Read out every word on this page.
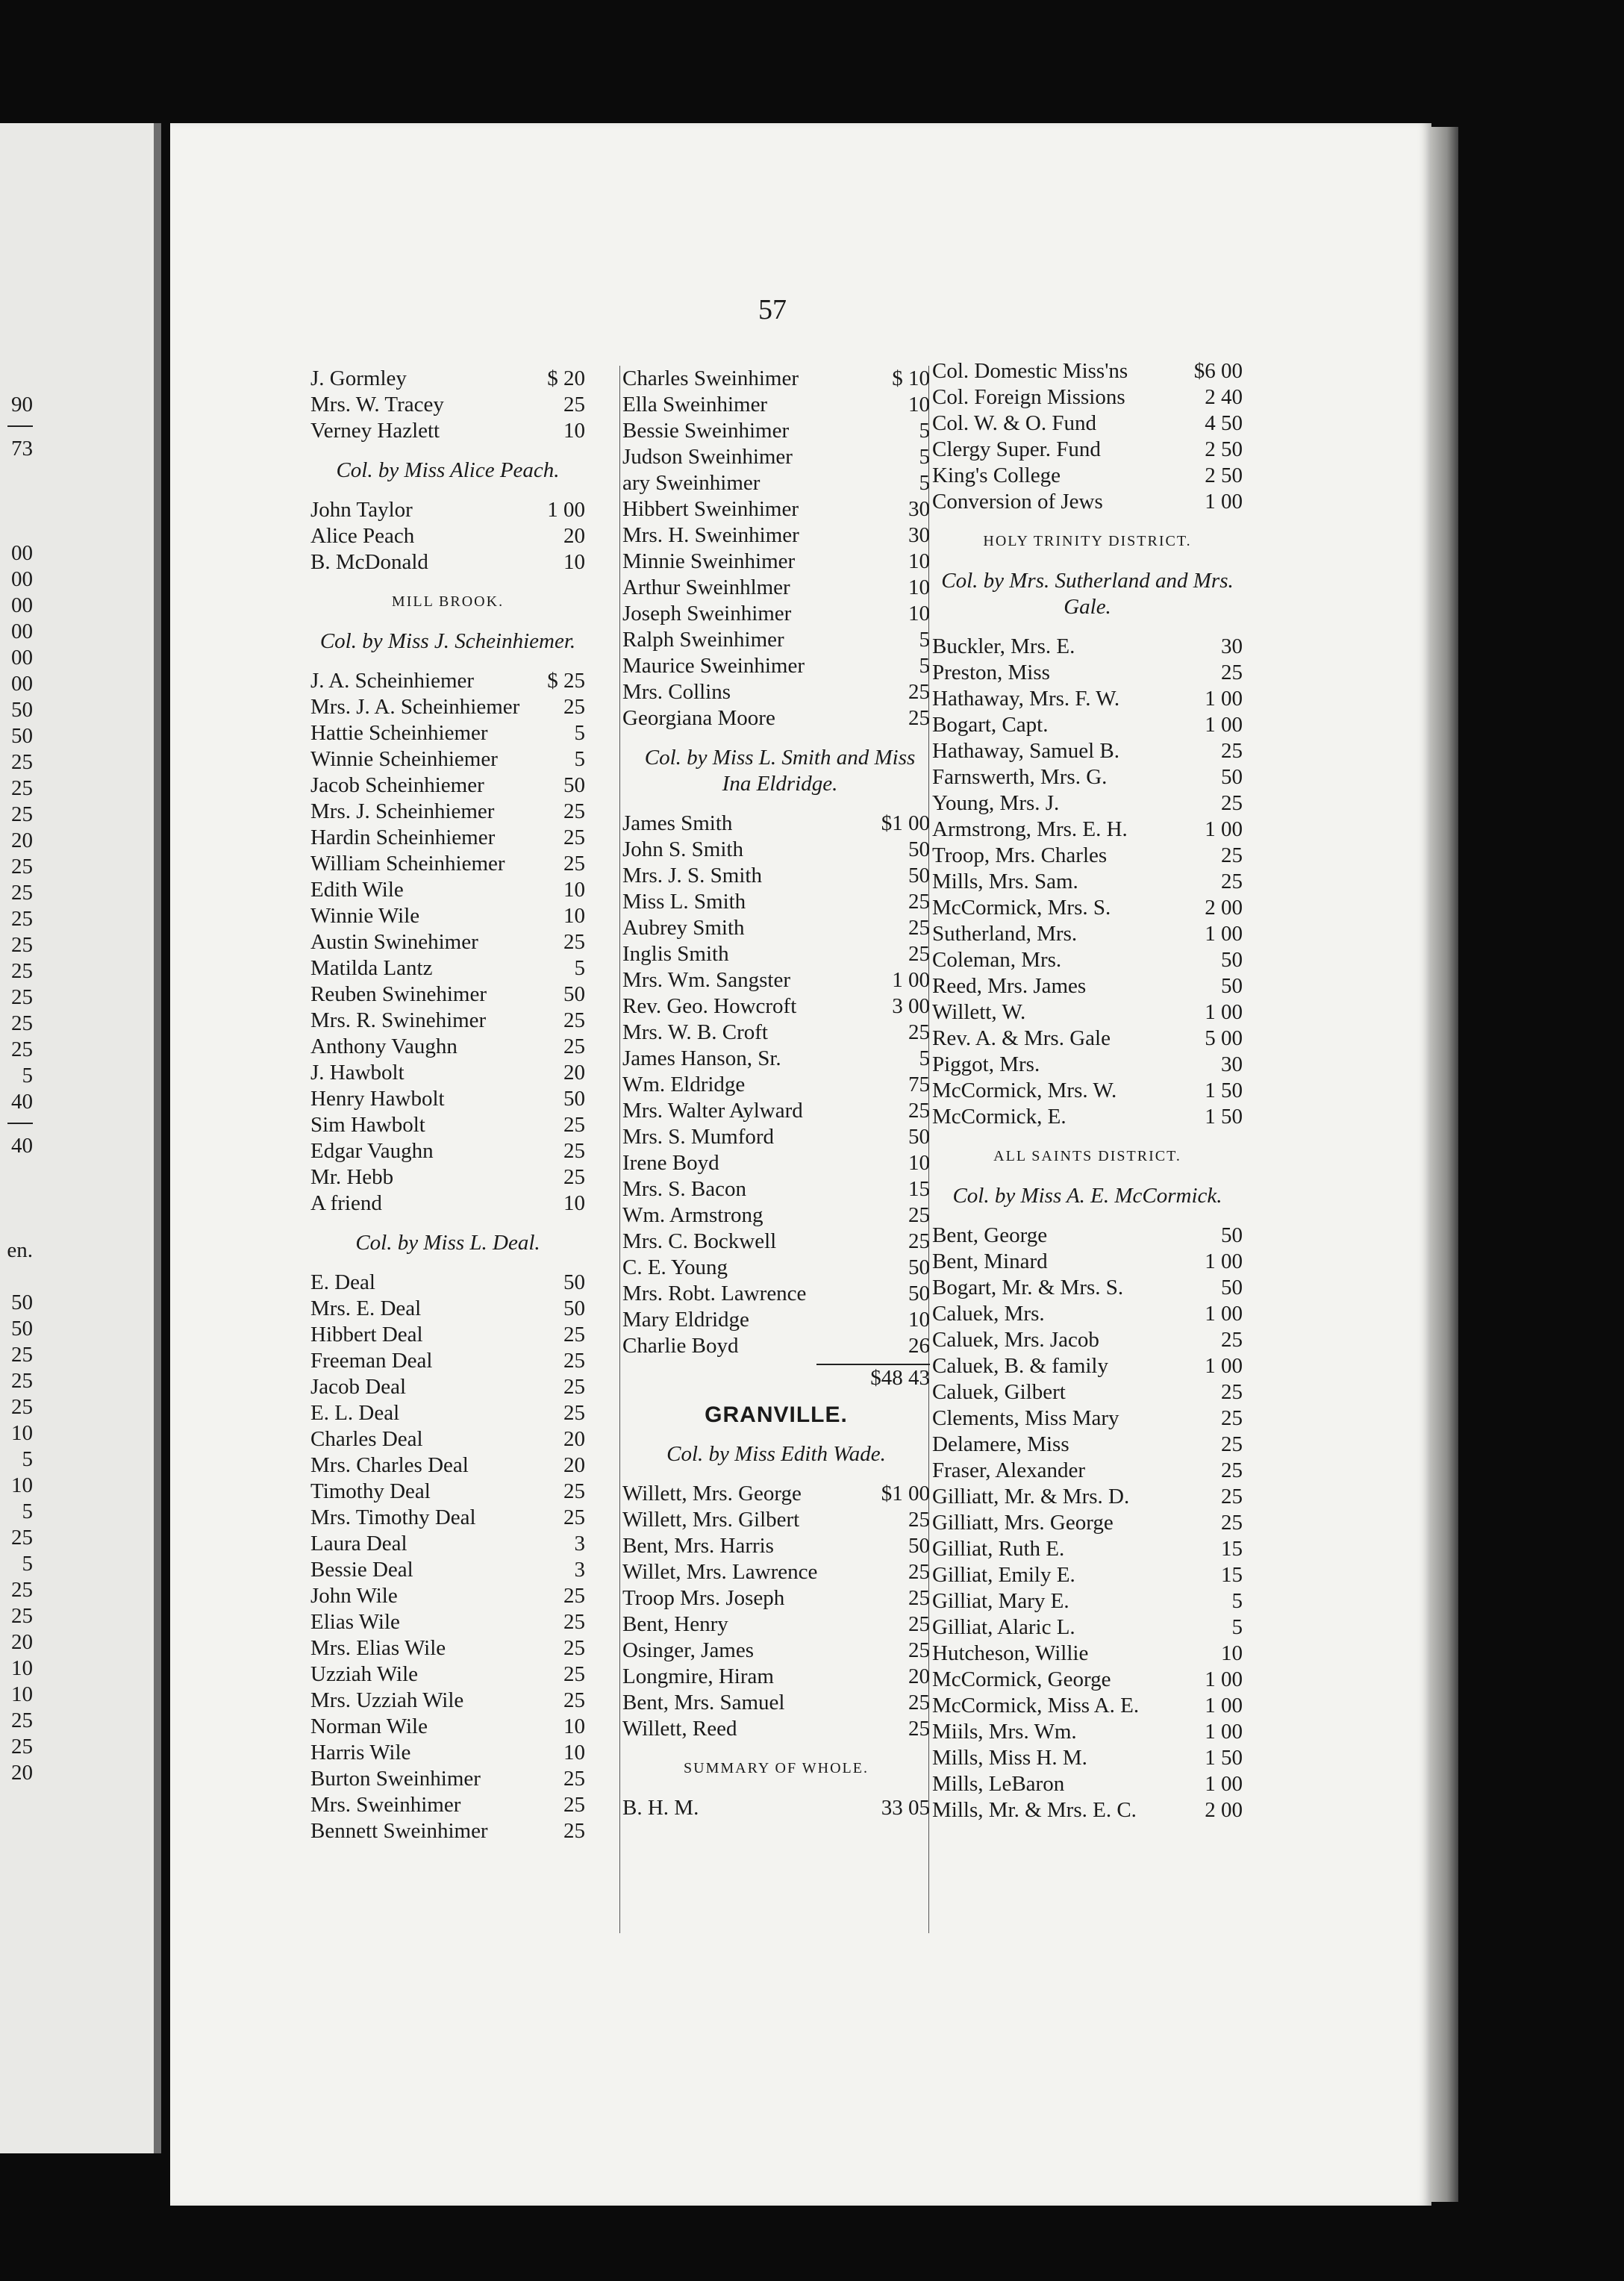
90
73
00
00
00
00
00
00
50
50
25
25
25
20
25
25
25
25
25
25
25
25
5
40
40
en.
50
50
25
25
25
10
5
10
5
25
5
25
25
20
10
10
25
25
20
57
J. Gormley	$ 20
Mrs. W. Tracey	25
Verney Hazlett	10
Col. by Miss Alice Peach.
John Taylor	1 00
Alice Peach	20
B. McDonald	10
MILL BROOK.
Col. by Miss J. Scheinhiemer.
J. A. Scheinhiemer	$ 25
Mrs. J. A. Scheinhiemer	25
Hattie Scheinhiemer	5
Winnie Scheinhiemer	5
Jacob Scheinhiemer	50
Mrs. J. Scheinhiemer	25
Hardin Scheinhiemer	25
William Scheinhiemer	25
Edith Wile	10
Winnie Wile	10
Austin Swinehimer	25
Matilda Lantz	5
Reuben Swinehimer	50
Mrs. R. Swinehimer	25
Anthony Vaughn	25
J. Hawbolt	20
Henry Hawbolt	50
Sim Hawbolt	25
Edgar Vaughn	25
Mr. Hebb	25
A friend	10
Col. by Miss L. Deal.
E. Deal	50
Mrs. E. Deal	50
Hibbert Deal	25
Freeman Deal	25
Jacob Deal	25
E. L. Deal	25
Charles Deal	20
Mrs. Charles Deal	20
Timothy Deal	25
Mrs. Timothy Deal	25
Laura Deal	3
Bessie Deal	3
John Wile	25
Elias Wile	25
Mrs. Elias Wile	25
Uzziah Wile	25
Mrs. Uzziah Wile	25
Norman Wile	10
Harris Wile	10
Burton Sweinhimer	25
Mrs. Sweinhimer	25
Bennett Sweinhimer	25
Charles Sweinhimer	$ 10
Ella Sweinhimer	10
Bessie Sweinhimer	5
Judson Sweinhimer	5
ary Sweinhimer	5
Hibbert Sweinhimer	30
Mrs. H. Sweinhimer	30
Minnie Sweinhimer	10
Arthur Sweinhlmer	10
Joseph Sweinhimer	10
Ralph Sweinhimer	5
Maurice Sweinhimer	5
Mrs. Collins	25
Georgiana Moore	25
Col. by Miss L. Smith and Miss Ina Eldridge.
James Smith	$1 00
John S. Smith	50
Mrs. J. S. Smith	50
Miss L. Smith	25
Aubrey Smith	25
Inglis Smith	25
Mrs. Wm. Sangster	1 00
Rev. Geo. Howcroft	3 00
Mrs. W. B. Croft	25
James Hanson, Sr.	5
Wm. Eldridge	75
Mrs. Walter Aylward	25
Mrs. S. Mumford	50
Irene Boyd	10
Mrs. S. Bacon	15
Wm. Armstrong	25
Mrs. C. Bockwell	25
C. E. Young	50
Mrs. Robt. Lawrence	50
Mary Eldridge	10
Charlie Boyd	26
$48 43
GRANVILLE.
Col. by Miss Edith Wade.
Willett, Mrs. George	$1 00
Willett, Mrs. Gilbert	25
Bent, Mrs. Harris	50
Willet, Mrs. Lawrence	25
Troop Mrs. Joseph	25
Bent, Henry	25
Osinger, James	25
Longmire, Hiram	20
Bent, Mrs. Samuel	25
Willett, Reed	25
SUMMARY OF WHOLE.
B. H. M.	33 05
Col. Domestic Miss'ns	$6 00
Col. Foreign Missions	2 40
Col. W. & O. Fund	4 50
Clergy Super. Fund	2 50
King's College	2 50
Conversion of Jews	1 00
HOLY TRINITY DISTRICT.
Col. by Mrs. Sutherland and Mrs. Gale.
Buckler, Mrs. E.	30
Preston, Miss	25
Hathaway, Mrs. F. W.	1 00
Bogart, Capt.	1 00
Hathaway, Samuel B.	25
Farnswerth, Mrs. G.	50
Young, Mrs. J.	25
Armstrong, Mrs. E. H.	1 00
Troop, Mrs. Charles	25
Mills, Mrs. Sam.	25
McCormick, Mrs. S.	2 00
Sutherland, Mrs.	1 00
Coleman, Mrs.	50
Reed, Mrs. James	50
Willett, W.	1 00
Rev. A. & Mrs. Gale	5 00
Piggot, Mrs.	30
McCormick, Mrs. W.	1 50
McCormick, E.	1 50
ALL SAINTS DISTRICT.
Col. by Miss A. E. McCormick.
Bent, George	50
Bent, Minard	1 00
Bogart, Mr. & Mrs. S.	50
Caluek, Mrs.	1 00
Caluek, Mrs. Jacob	25
Caluek, B. & family	1 00
Caluek, Gilbert	25
Clements, Miss Mary	25
Delamere, Miss	25
Fraser, Alexander	25
Gilliatt, Mr. & Mrs. D.	25
Gilliatt, Mrs. George	25
Gilliat, Ruth E.	15
Gilliat, Emily E.	15
Gilliat, Mary E.	5
Gilliat, Alaric L.	5
Hutcheson, Willie	10
McCormick, George	1 00
McCormick, Miss A. E.	1 00
Miils, Mrs. Wm.	1 00
Mills, Miss H. M.	1 50
Mills, LeBaron	1 00
Mills, Mr. & Mrs. E. C.	2 00
